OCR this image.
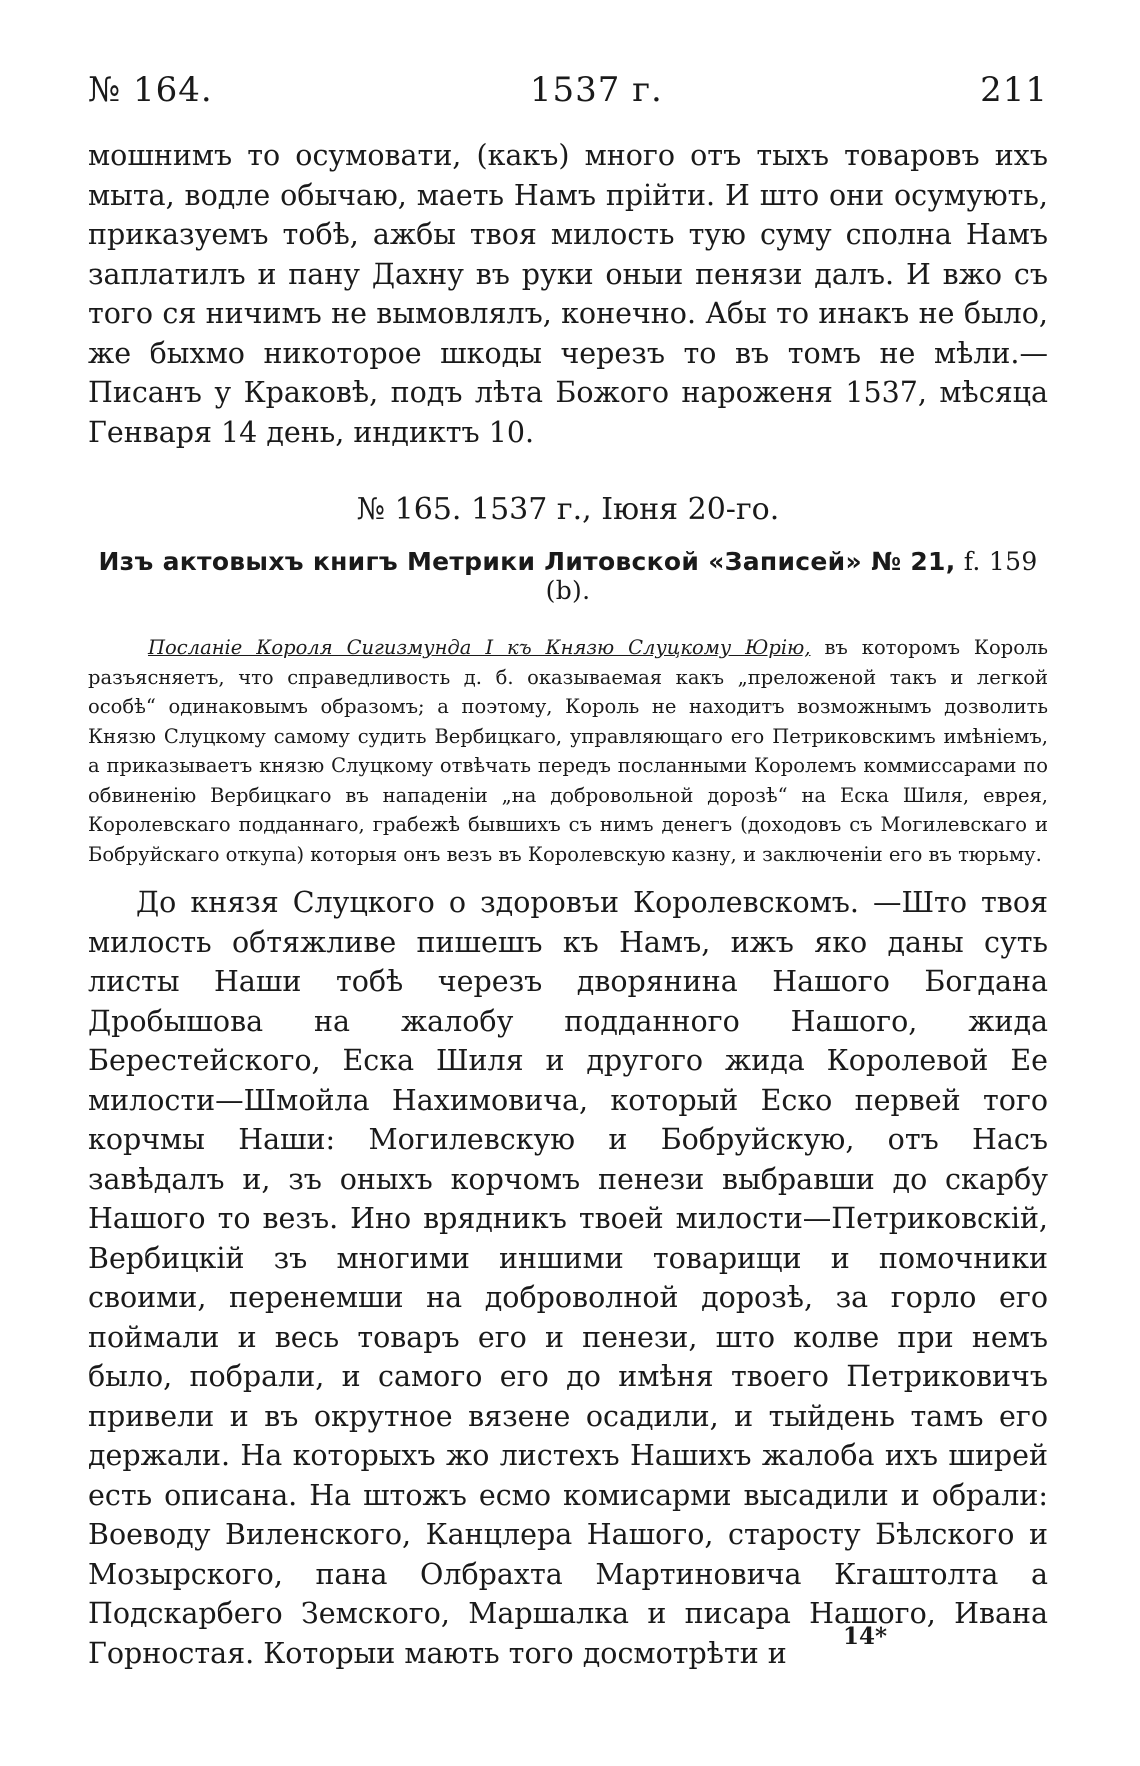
№ 164.	1537 г.	211

мошнимъ то осумовати, (какъ) много отъ тыхъ товаровъ ихъ мыта, водле обычаю, маеть Намъ прiйти. И што они осумують, приказуемъ тобѣ, ажбы твоя милость тую суму сполна Намъ заплатилъ и пану Дахну въ руки оныи пенязи далъ. И вжо съ того ся ничимъ не вымовлялъ, конечно. Абы то инакъ не было, же быхмо никоторое шкоды черезъ то въ томъ не мѣли.— Писанъ у Краковѣ, подъ лѣта Божого нароженя 1537, мѣсяца Генваря 14 день, индиктъ 10.

№ 165. 1537 г., Iюня 20-го.
Изъ актовыхъ книгъ Метрики Литовской «Записей» № 21, f. 159 (b).

Посланiе Короля Сигизмунда I къ Князю Слуцкому Юрiю, въ которомъ Король разъясняетъ, что справедливость д. б. оказываемая какъ „преложеной такъ и легкой особѣ“ одинаковымъ образомъ; а поэтому, Король не находитъ возможнымъ дозволить Князю Слуцкому самому судить Вербицкаго, управляющаго его Петриковскимъ имѣнiемъ, а приказываетъ князю Слуцкому отвѣчать передъ посланными Королемъ коммиссарами по обвиненiю Вербицкаго въ нападенiи „на добровольной дорозѣ“ на Еска Шиля, еврея, Королевскаго подданнаго, грабежѣ бывшихъ съ нимъ денегъ (доходовъ съ Могилевскаго и Бобруйскаго откупа) которыя онъ везъ въ Королевскую казну, и заключенiи его въ тюрьму.

До князя Слуцкого о здоровъи Королевскомъ. —Што твоя милость обтяжливе пишешъ къ Намъ, ижъ яко даны суть листы Наши тобѣ черезъ дворянина Нашого Богдана Дробышова на жалобу подданного Нашого, жида Берестейского, Еска Шиля и другого жида Королевой Ее милости—Шмойла Нахимовича, который Еско первей того корчмы Наши: Могилевскую и Бобруйскую, отъ Насъ завѣдалъ и, зъ оныхъ корчомъ пенези выбравши до скарбу Нашого то везъ. Ино врядникъ твоей милости—Петриковскiй, Вербицкiй зъ многими иншими товарищи и помочники своими, перенемши на доброволной дорозѣ, за горло его поймали и весь товаръ его и пенези, што колве при немъ было, побрали, и самого его до имѣня твоего Петриковичъ привели и въ окрутное вязене осадили, и тыйдень тамъ его держали. На которыхъ жо листехъ Нашихъ жалоба ихъ ширей есть описана. На штожъ есмо комисарми высадили и обрали: Воеводу Виленского, Канцлера Нашого, старосту Бѣлского и Мозырского, пана Олбрахта Мартиновича Кгаштолта а Подскарбего Земского, Маршалка и писара Нашого, Ивана Горностая. Которыи мають того досмотрѣти и	14*
